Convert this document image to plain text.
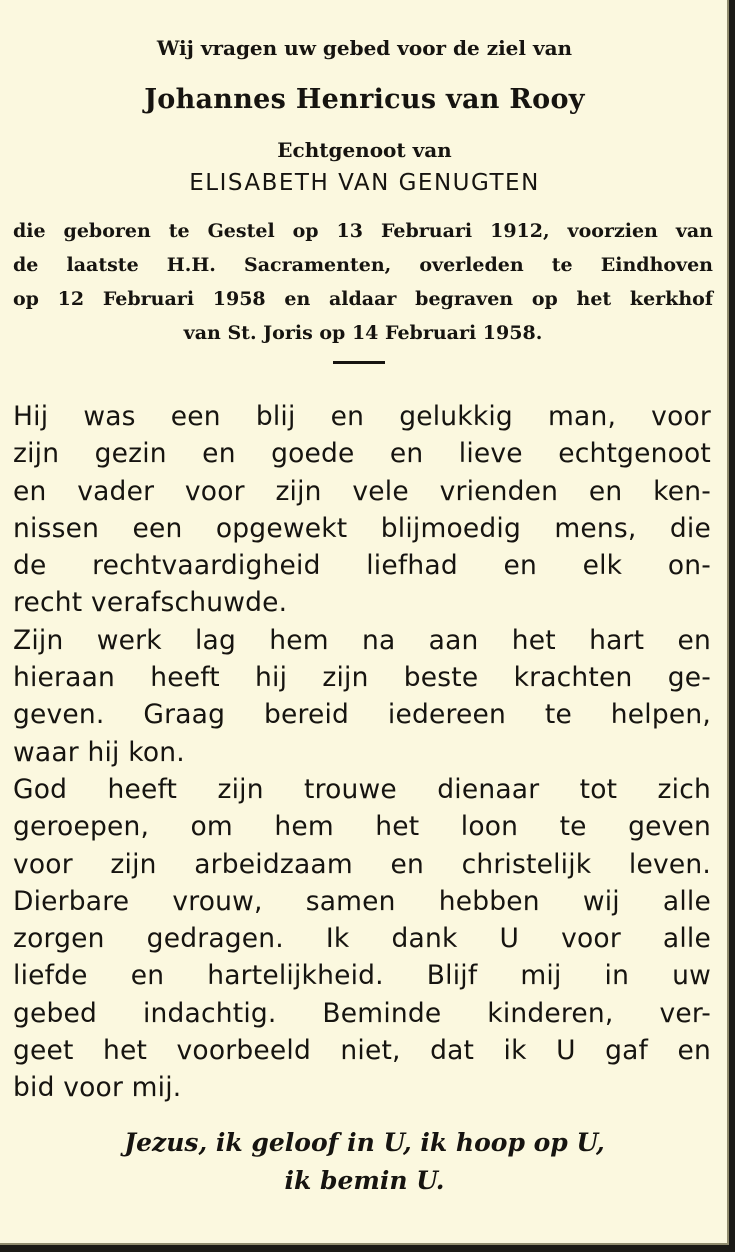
Wij vragen uw gebed voor de ziel van

Johannes Henricus van Rooy

Echtgenoot van

ELISABETH VAN GENUGTEN

die geboren te Gestel op 13 Februari 1912, voorzien van
de laatste H.H. Sacramenten, overleden te Eindhoven
op 12 Februari 1958 en aldaar begraven op het kerkhof
van St. Joris op 14 Februari 1958.
Hij was een blij en gelukkig man, voor
zijn gezin en goede en lieve echtgenoot
en vader voor zijn vele vrienden en ken-
nissen een opgewekt blijmoedig mens, die
de rechtvaardigheid liefhad en elk on-
recht verafschuwde.
Zijn werk lag hem na aan het hart en
hieraan heeft hij zijn beste krachten ge-
geven. Graag bereid iedereen te helpen,
waar hij kon.
God heeft zijn trouwe dienaar tot zich
geroepen, om hem het loon te geven
voor zijn arbeidzaam en christelijk leven.
Dierbare vrouw, samen hebben wij alle
zorgen gedragen. Ik dank U voor alle
liefde en hartelijkheid. Blijf mij in uw
gebed indachtig. Beminde kinderen, ver-
geet het voorbeeld niet, dat ik U gaf en
bid voor mij.
Jezus, ik geloof in U, ik hoop op U,
ik bemin U.
